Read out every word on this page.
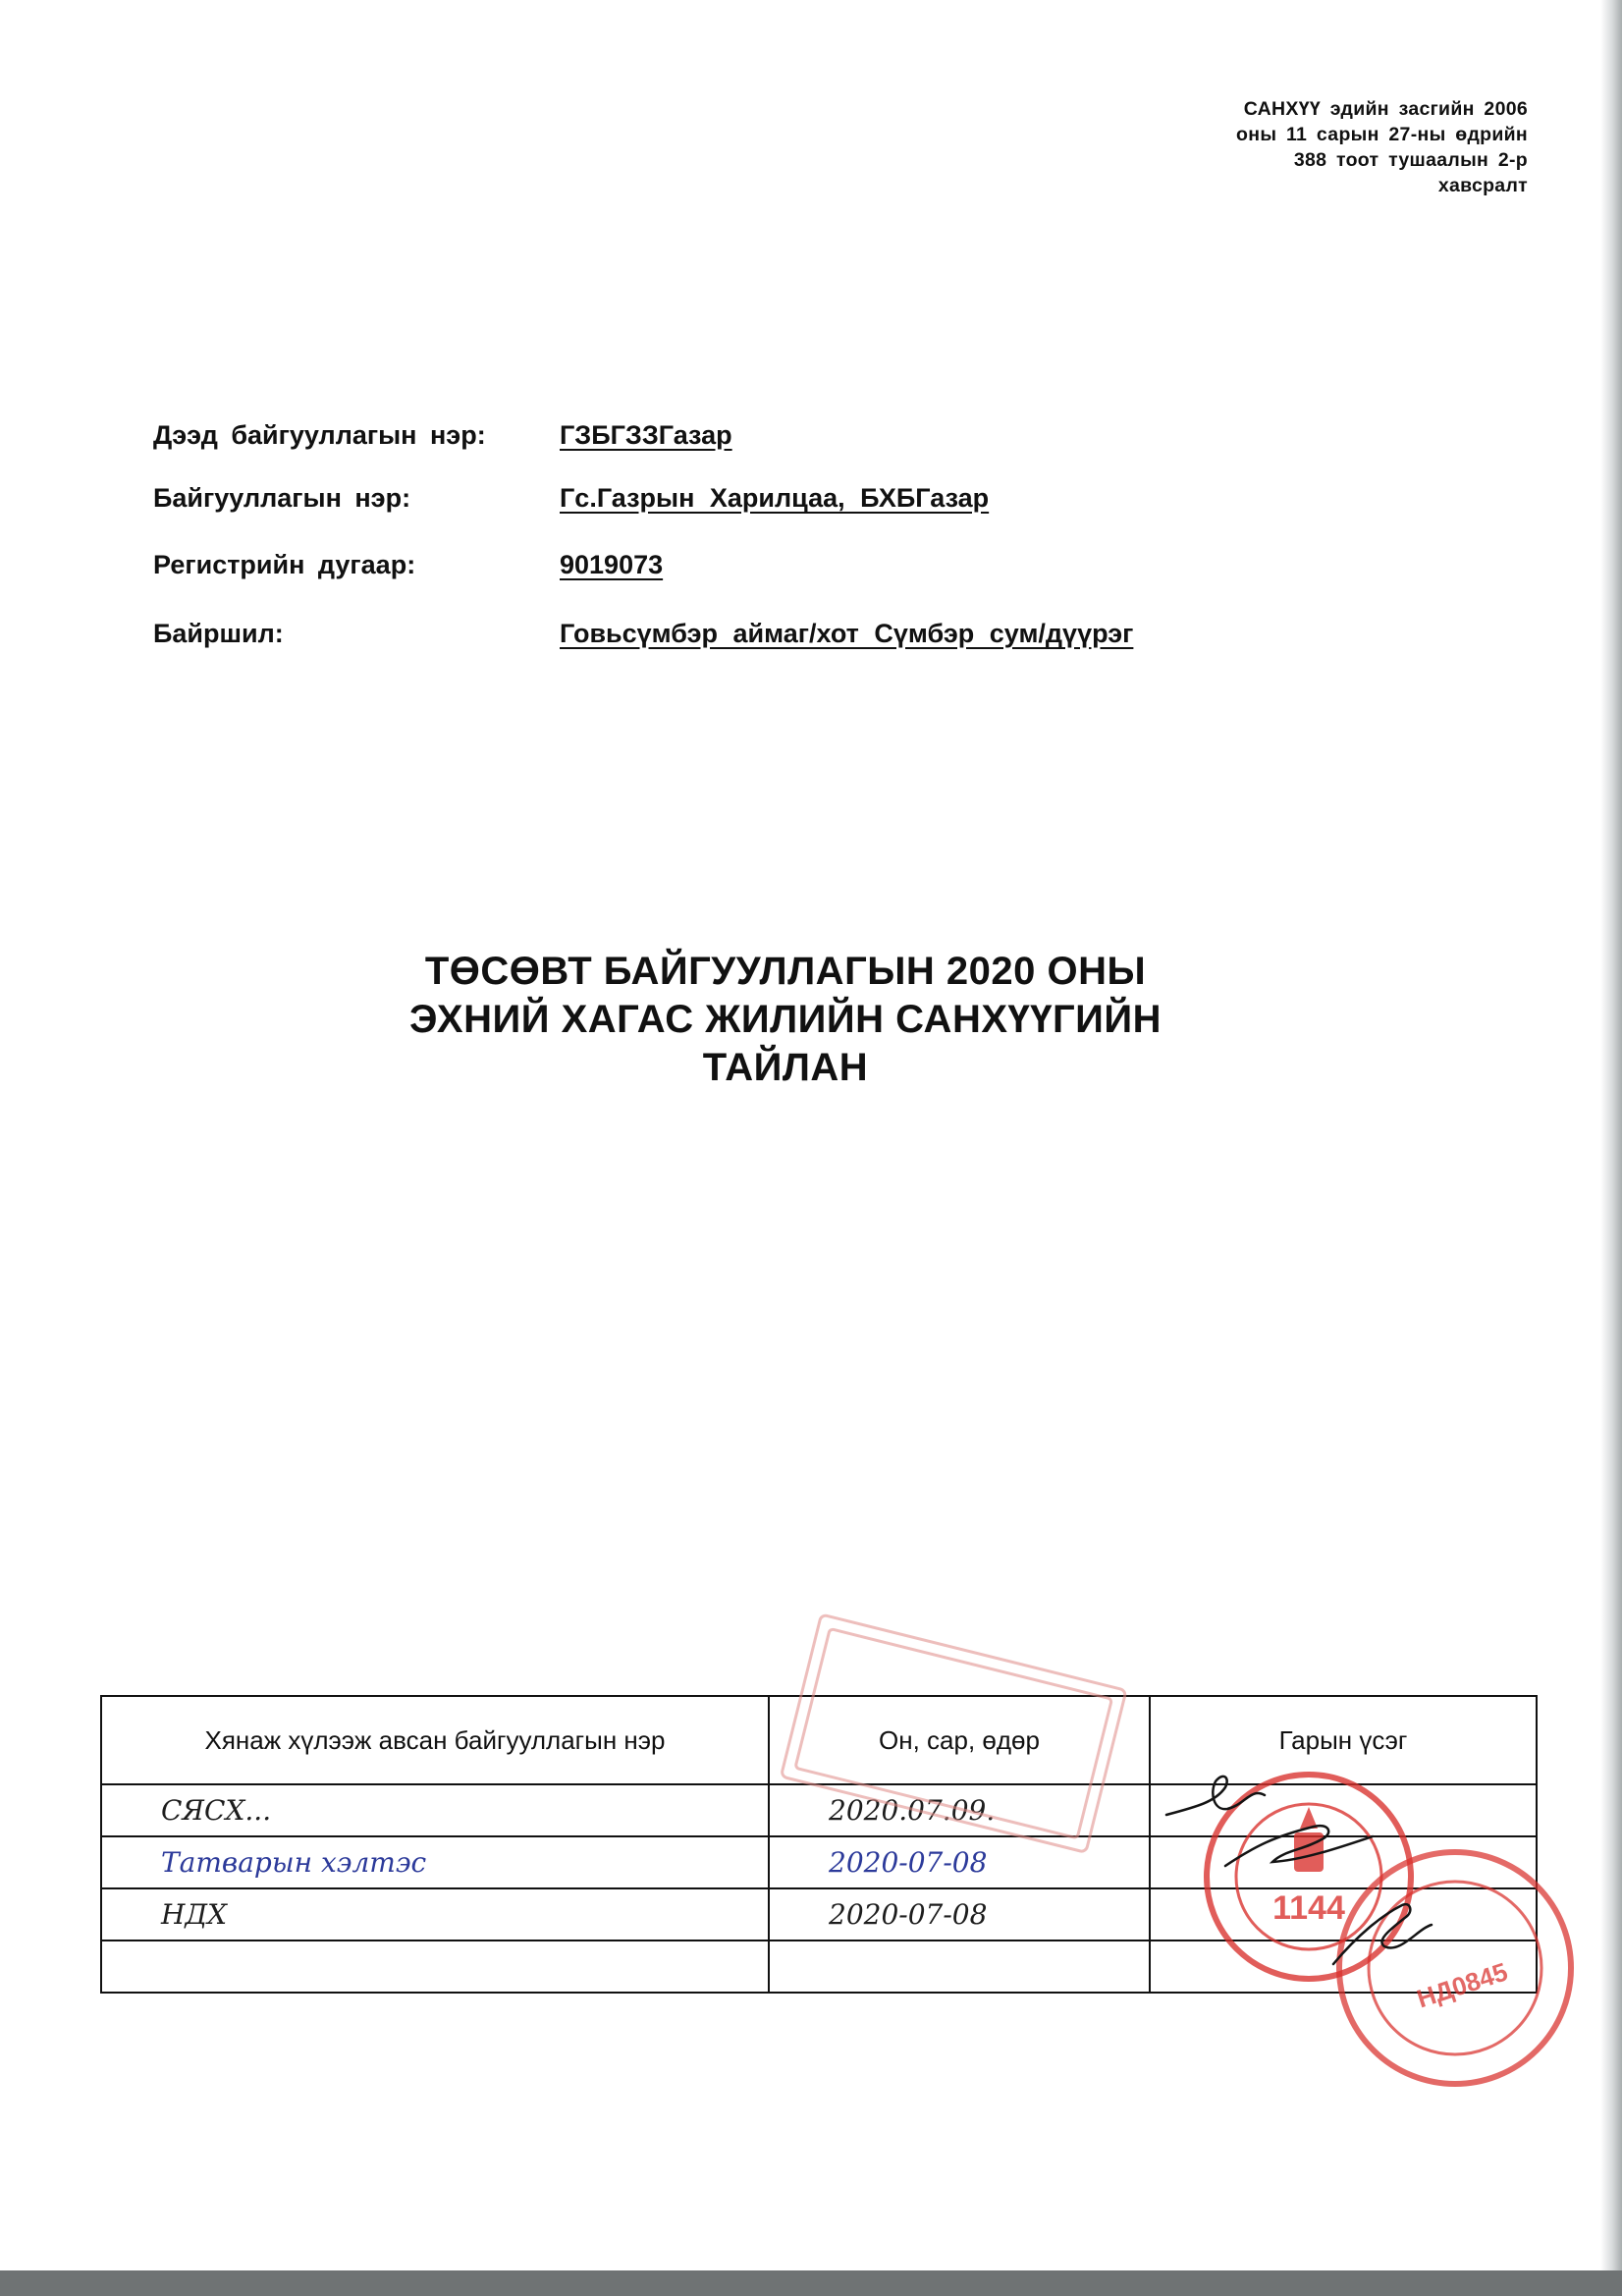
САНХҮҮ эдийн засгийн 2006
оны 11 сарын 27-ны өдрийн
388 тоот тушаалын 2-р
хавсралт
Дээд байгууллагын нэр:	ГЗБГЗЗГазар
Байгууллагын нэр:	Гс.Газрын Харилцаа, БХБГазар
Регистрийн дугаар:	9019073
Байршил:	Говьсүмбэр аймаг/хот Сүмбэр сум/дүүрэг
ТӨСӨВТ БАЙГУУЛЛАГЫН 2020 ОНЫ
ЭХНИЙ ХАГАС ЖИЛИЙН САНХҮҮГИЙН
ТАЙЛАН
Хянаж хүлээж авсан байгууллагын нэр	Он, сар, өдөр	Гарын үсэг
СЯСХ...	2020.07.09.	
Татварын хэлтэс	2020-07-08	
НДХ	2020-07-08	
			1144
НД0845
